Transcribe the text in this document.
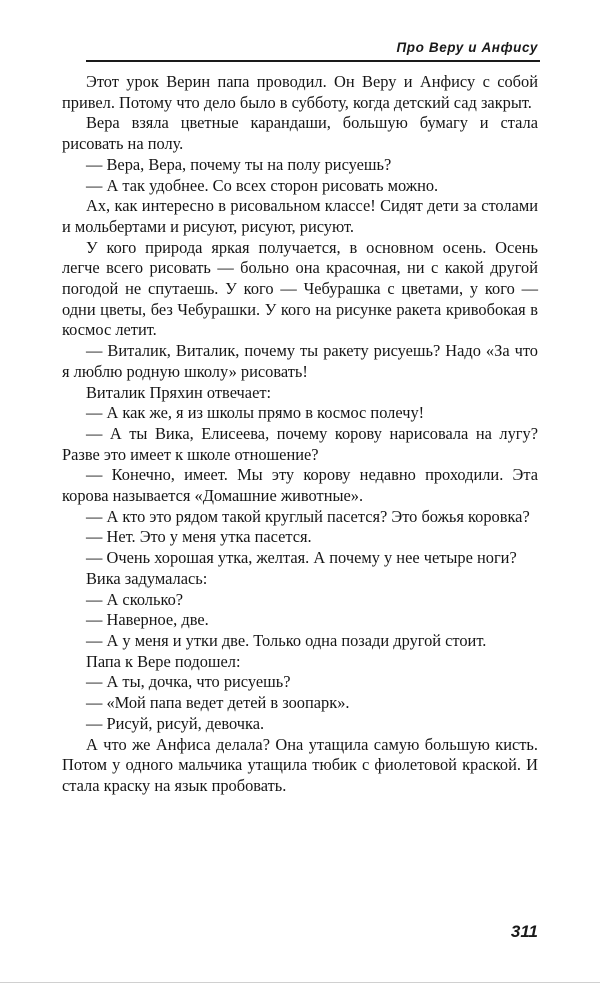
Про Веру и Анфису

Этот урок Верин папа проводил. Он Веру и Анфису с собой привел. Потому что дело было в субботу, когда детский сад закрыт.

Вера взяла цветные карандаши, большую бумагу и стала рисовать на полу.

— Вера, Вера, почему ты на полу рисуешь?

— А так удобнее. Со всех сторон рисовать можно.

Ах, как интересно в рисовальном классе! Сидят дети за столами и мольбертами и рисуют, рисуют, рисуют.

У кого природа яркая получается, в основном осень. Осень легче всего рисовать — больно она красочная, ни с какой другой погодой не спутаешь. У кого — Чебурашка с цветами, у кого — одни цветы, без Чебурашки. У кого на рисунке ракета кривобокая в космос летит.

— Виталик, Виталик, почему ты ракету рисуешь? Надо «За что я люблю родную школу» рисовать!

Виталик Пряхин отвечает:

— А как же, я из школы прямо в космос полечу!

— А ты Вика, Елисеева, почему корову нарисовала на лугу? Разве это имеет к школе отношение?

— Конечно, имеет. Мы эту корову недавно проходили. Эта корова называется «Домашние животные».

— А кто это рядом такой круглый пасется? Это божья коровка?

— Нет. Это у меня утка пасется.

— Очень хорошая утка, желтая. А почему у нее четыре ноги?

Вика задумалась:

— А сколько?

— Наверное, две.

— А у меня и утки две. Только одна позади другой стоит.

Папа к Вере подошел:

— А ты, дочка, что рисуешь?

— «Мой папа ведет детей в зоопарк».

— Рисуй, рисуй, девочка.

А что же Анфиса делала? Она утащила самую большую кисть. Потом у одного мальчика утащила тюбик с фиолетовой краской. И стала краску на язык пробовать.

311
